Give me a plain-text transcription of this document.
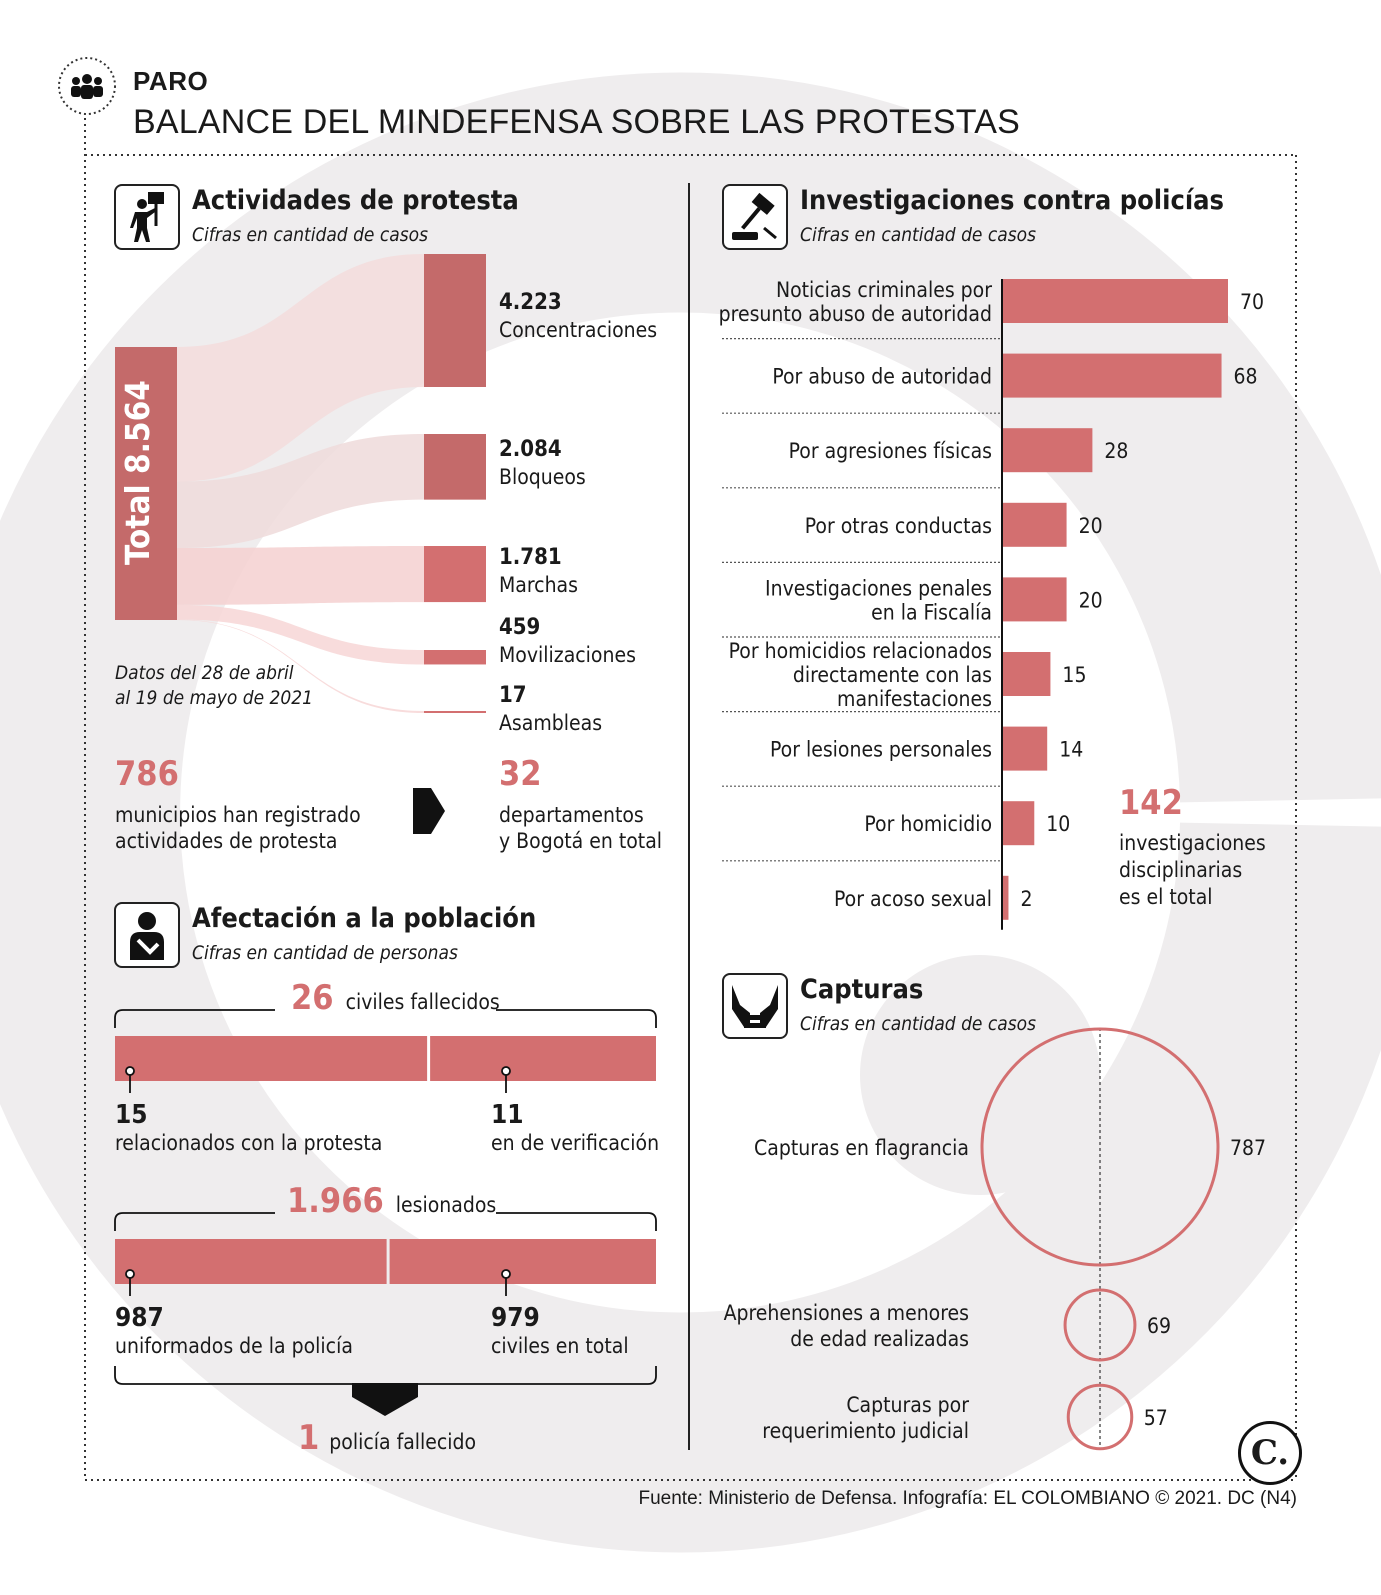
PARO
BALANCE DEL MINDEFENSA SOBRE LAS PROTESTAS
Actividades de protesta
Cifras en cantidad de casos
4.223
Concentraciones
2.084
Bloqueos
1.781
Marchas
459
Movilizaciones
17
Asambleas
Datos del 28 de abril
al 19 de mayo de 2021
786
municipios han registrado
actividades de protesta
32
departamentos
y Bogotá en total
Afectación a la población
Cifras en cantidad de personas
26 civiles fallecidos
15
relacionados con la protesta
11
en de verificación
1.966 lesionados
987
uniformados de la policía
979
civiles en total
1 policía fallecido
Investigaciones contra policías
Cifras en cantidad de casos
70
Noticias criminales por
presunto abuso de autoridad
68
Por abuso de autoridad
28
Por agresiones físicas
20
Por otras conductas
20
Investigaciones penales
en la Fiscalía
15
Por homicidios relacionados
directamente con las
manifestaciones
14
Por lesiones personales
10
Por homicidio
2
Por acoso sexual
142
investigaciones
disciplinarias
es el total
Capturas
Cifras en cantidad de casos
787
Capturas en flagrancia
69
Aprehensiones a menores
de edad realizadas
57
Capturas por
requerimiento judicial
C.
Fuente: Ministerio de Defensa. Infografía: EL COLOMBIANO © 2021. DC (N4)
